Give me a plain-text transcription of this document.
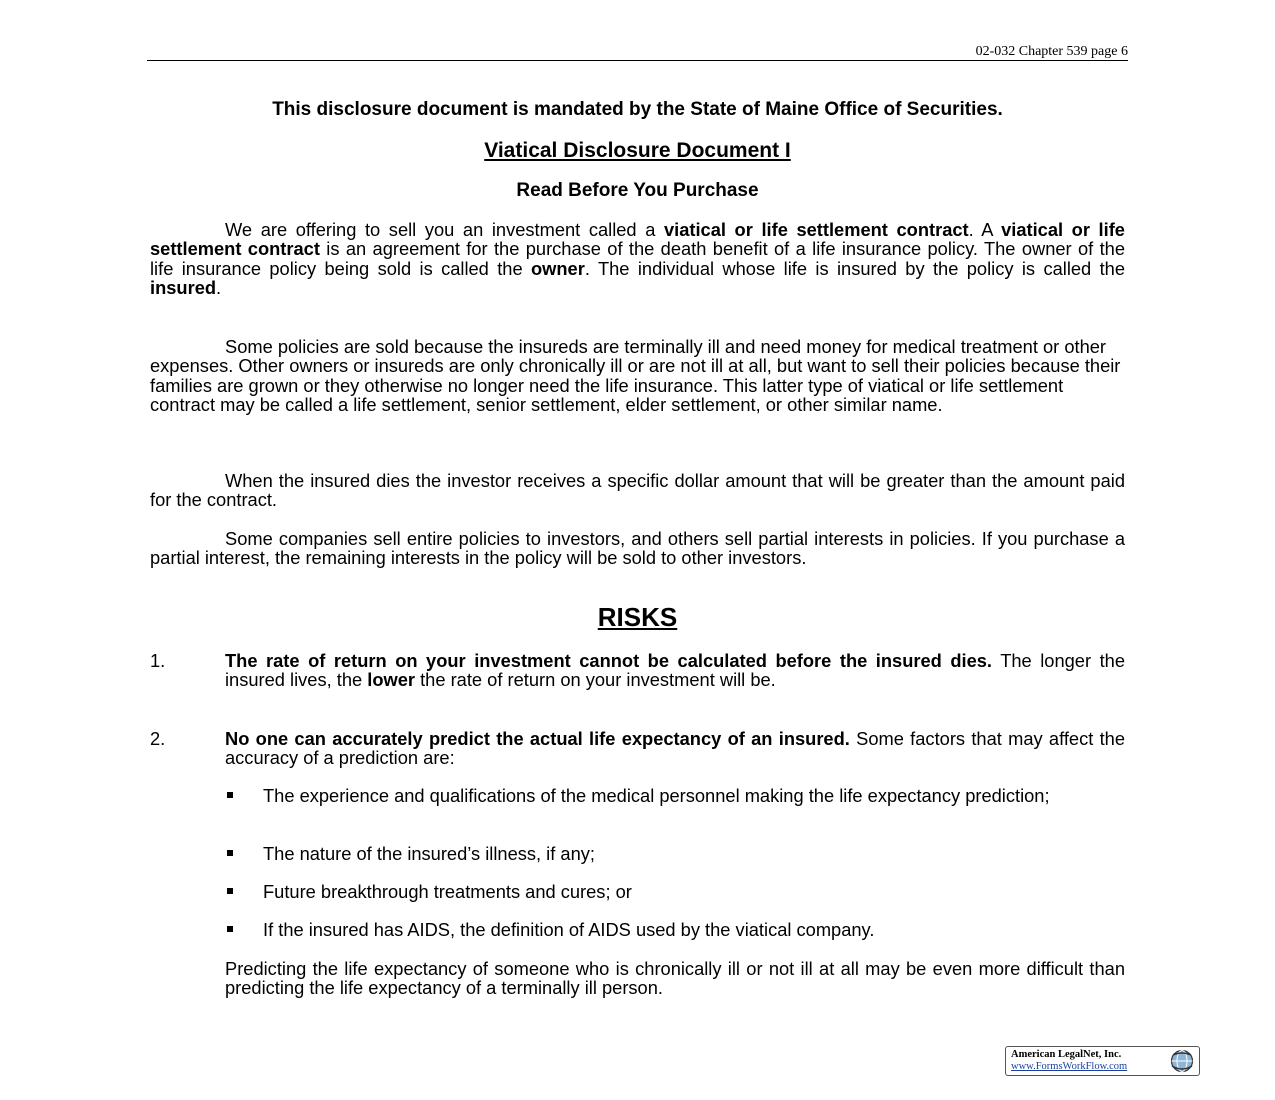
02-032 Chapter 539 page 6
This disclosure document is mandated by the State of Maine Office of Securities.
Viatical Disclosure Document I
Read Before You Purchase
We are offering to sell you an investment called a viatical or life settlement contract. A viatical or life settlement contract is an agreement for the purchase of the death benefit of a life insurance policy. The owner of the life insurance policy being sold is called the owner. The individual whose life is insured by the policy is called the insured.
Some policies are sold because the insureds are terminally ill and need money for medical treatment or other expenses. Other owners or insureds are only chronically ill or are not ill at all, but want to sell their policies because their families are grown or they otherwise no longer need the life insurance. This latter type of viatical or life settlement contract may be called a life settlement, senior settlement, elder settlement, or other similar name.
When the insured dies the investor receives a specific dollar amount that will be greater than the amount paid for the contract.
Some companies sell entire policies to investors, and others sell partial interests in policies. If you purchase a partial interest, the remaining interests in the policy will be sold to other investors.
RISKS
1.	The rate of return on your investment cannot be calculated before the insured dies. The longer the insured lives, the lower the rate of return on your investment will be.
2.	No one can accurately predict the actual life expectancy of an insured. Some factors that may affect the accuracy of a prediction are:
The experience and qualifications of the medical personnel making the life expectancy prediction;
The nature of the insured’s illness, if any;
Future breakthrough treatments and cures; or
If the insured has AIDS, the definition of AIDS used by the viatical company.
Predicting the life expectancy of someone who is chronically ill or not ill at all may be even more difficult than predicting the life expectancy of a terminally ill person.
American LegalNet, Inc.
www.FormsWorkFlow.com
